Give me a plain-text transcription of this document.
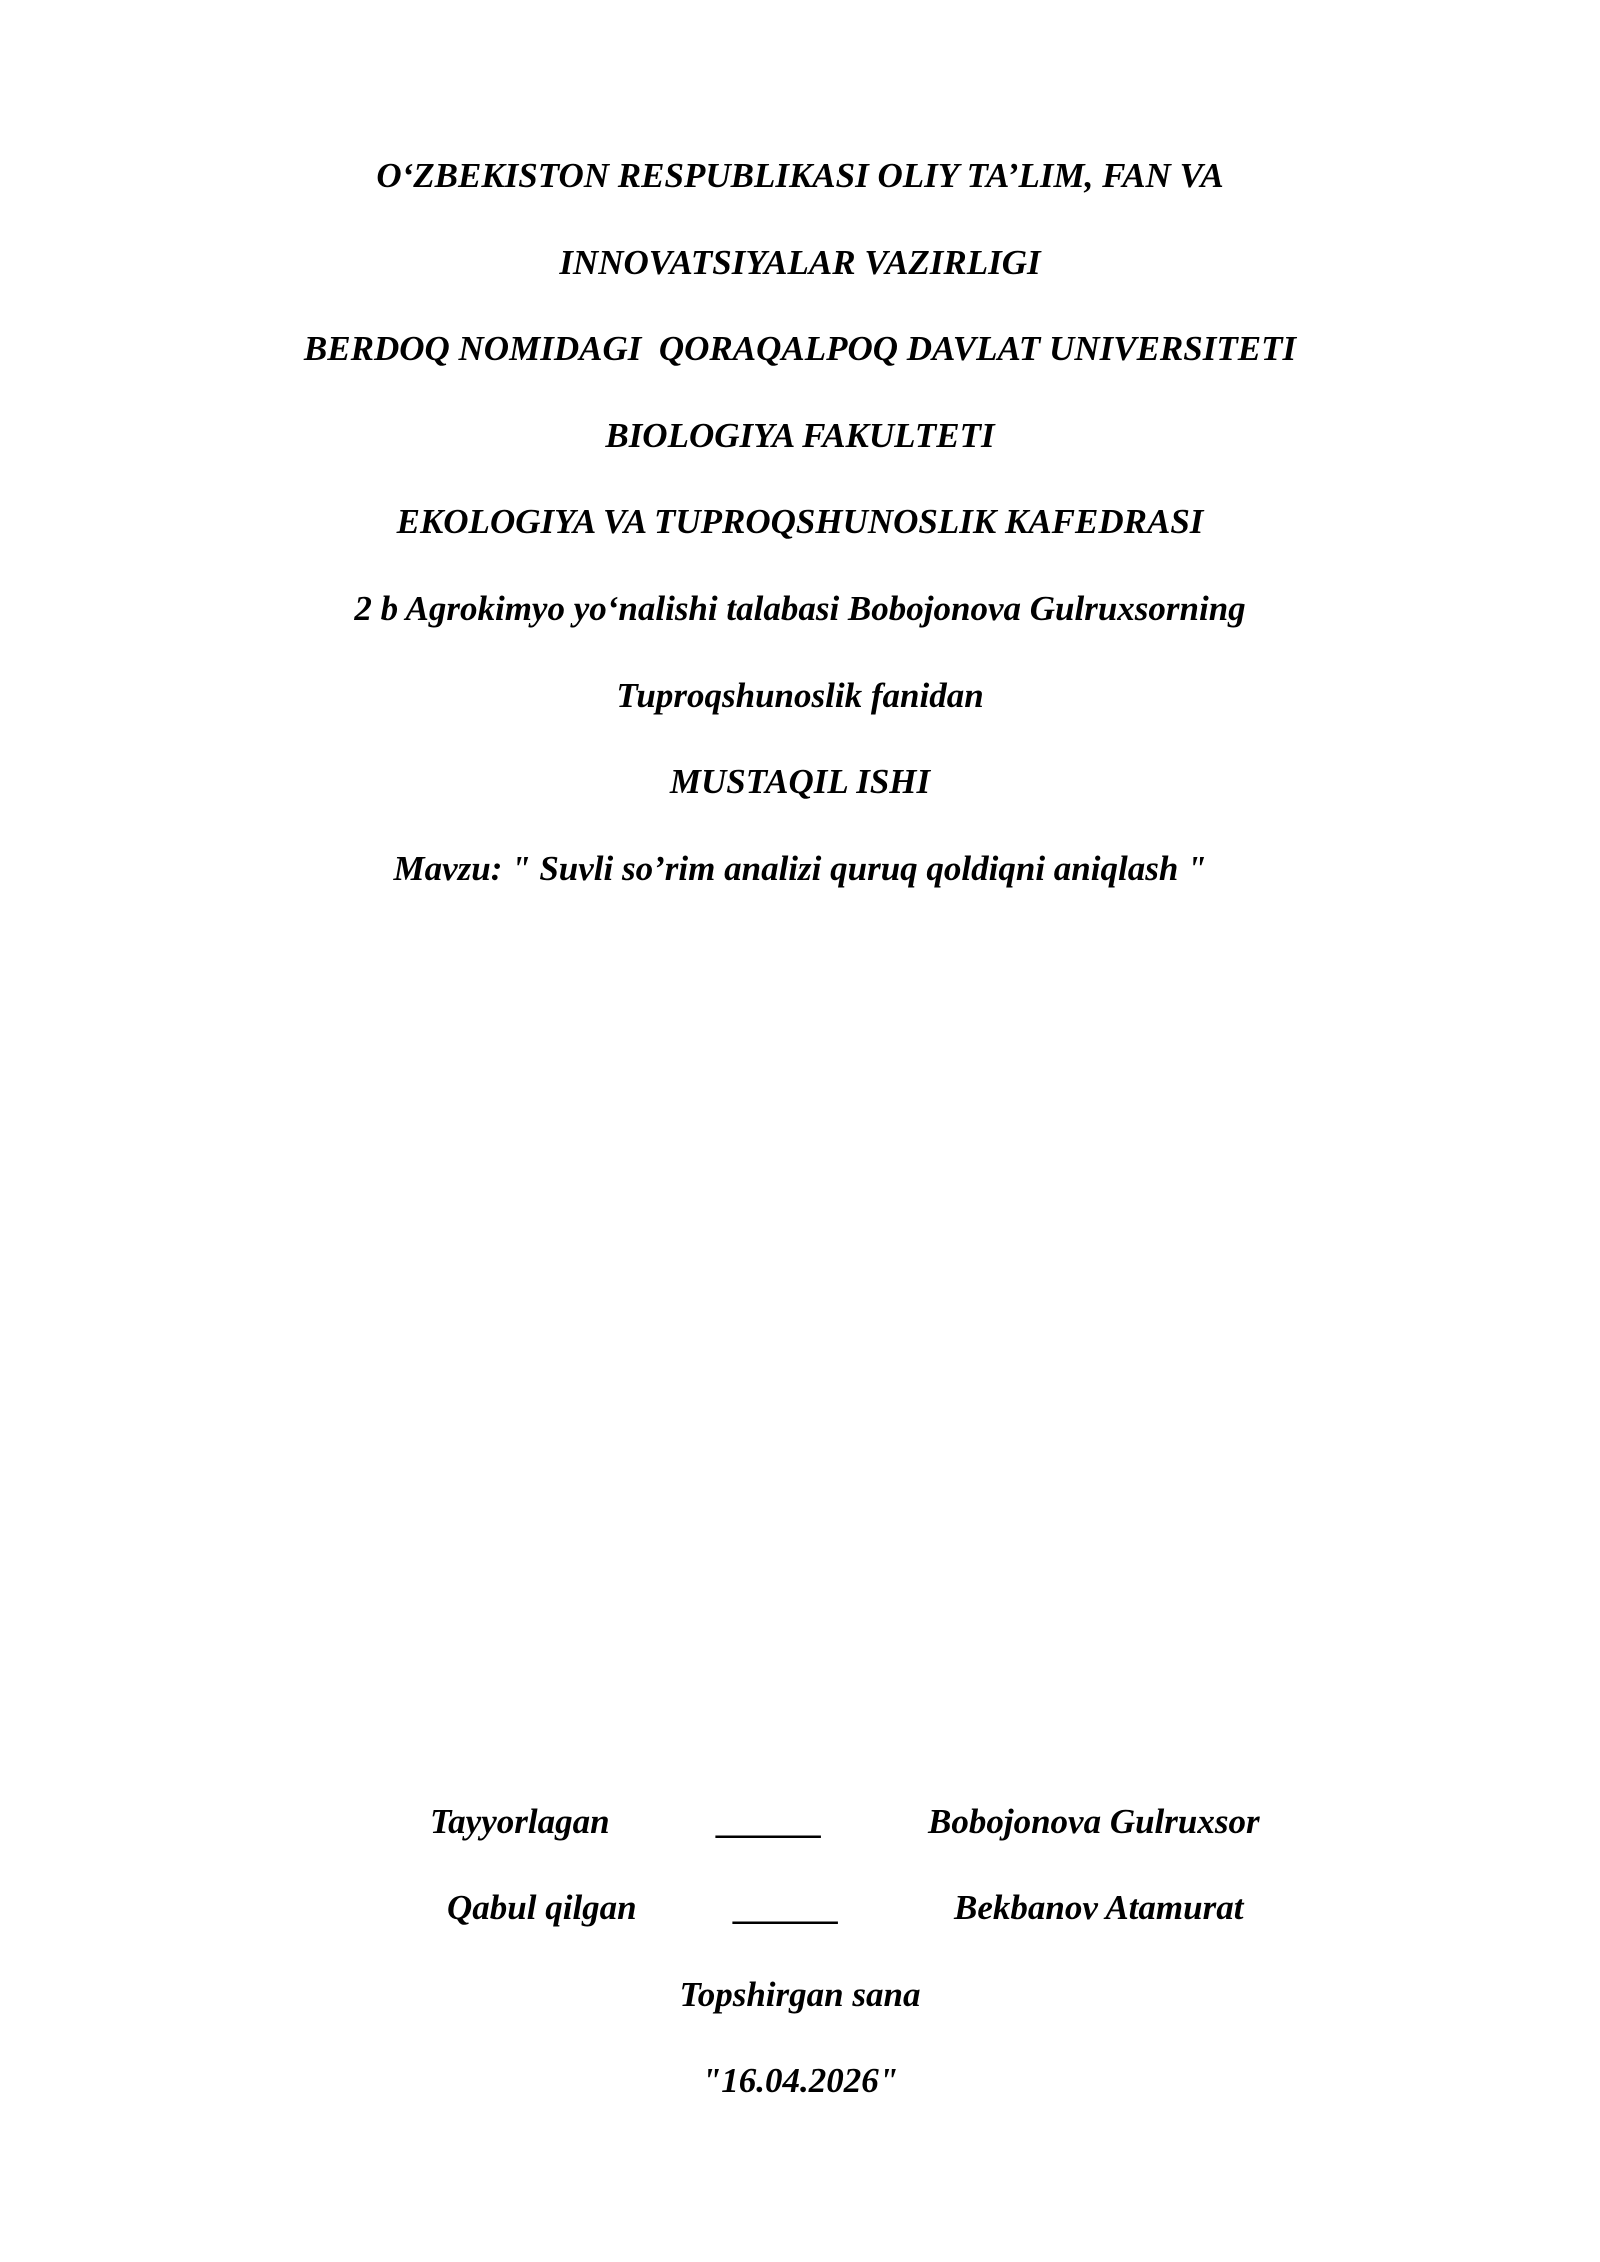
O‘ZBEKISTON RESPUBLIKASI OLIY TA’LIM, FAN VA
INNOVATSIYALAR VAZIRLIGI
BERDOQ NOMIDAGI  QORAQALPOQ DAVLAT UNIVERSITETI
BIOLOGIYA FAKULTETI
EKOLOGIYA VA TUPROQSHUNOSLIK KAFEDRASI
2 b Agrokimyo yo‘nalishi talabasi Bobojonova Gulruxsorning
Tuproqshunoslik fanidan
MUSTAQIL ISHI
Mavzu: " Suvli so’rim analizi quruq qoldiqni aniqlash "
Tayyorlagan	______	Bobojonova Gulruxsor
Qabul qilgan	______	Bekbanov Atamurat
Topshirgan sana
"16.04.2026"
